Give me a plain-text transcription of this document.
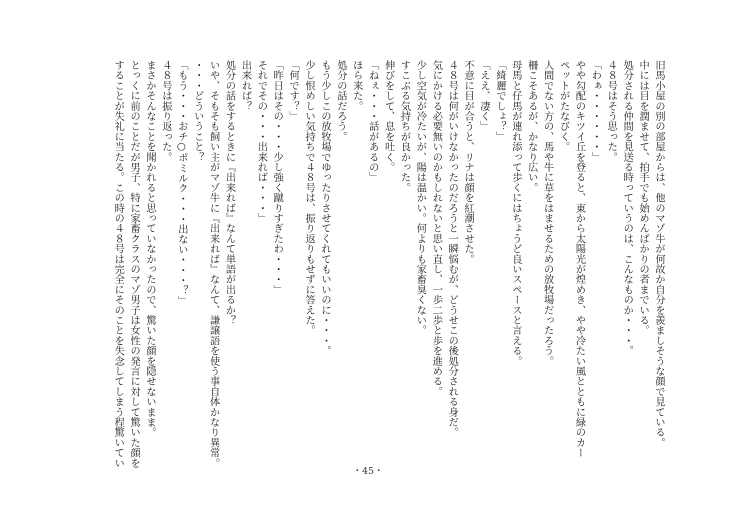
旧馬小屋の別の部屋からは、他のマゾ牛が何故か自分を羨ましそうな顔で見ている。
中には目を潤ませて、拍手でも始めんばかりの者までいる。
処分される仲間を見送る時っていうのは、こんなものか・・・。
４８号はそう思った。
「わぁ・・・・・・」
やや勾配のキツイ丘を登ると、東から太陽光が煌めき、やや冷たい風とともに緑のカー
ペットがたなびく。
人間でない方の、馬や牛に草をはませるための放牧場だったろう。
柵こそあるが、かなり広い。
母馬と仔馬が連れ添って歩くにはちょうど良いスペースと言える。
「綺麗でしょ？」
「ええ、凄く」
不意に目が合うと、リナは顔を紅潮させた。
４８号は何がいけなかったのだろうと一瞬悩むが、どうせこの後処分される身だ。
気にかける必要無いのかもしれないと思い直し、一歩二歩と歩を進める。
少し空気が冷たいが、陽は温かい。何よりも家畜臭くない。
すこぶる気持ちが良かった。
伸びをして、息を吐く。
「ねぇ・・・話があるの」
ほら来た。
処分の話だろう。
もう少しこの放牧場でゆったりさせてくれてもいいのに・・・。
少し恨めしい気持ちで４８号は、振り返りもせずに答えた。
「何です？」
「昨日はその・・・少し強く蹴りすぎたわ・・・」
それでその・・・出来れば・・・」
出来れば？
処分の話をするときに『出来れば』なんて単語が出るか？
いや、そもそも飼い主がマゾ牛に『出来れば』なんて、謙譲語を使う事自体かなり異常。
・・・どういうこと？
「もう・・・おチ○ポミルク・・・出ない・・・？」
４８号は振り返った。
まさかそんなことを聞かれると思っていなかったので、驚いた顔を隠せないまま。
とっくに前のことだが男子、特に家畜クラスのマゾ男子は女性の発言に対して驚いた顔を
することが失礼に当たる。この時の４８号は完全にそのことを失念してしまう程驚いてい
・45・
